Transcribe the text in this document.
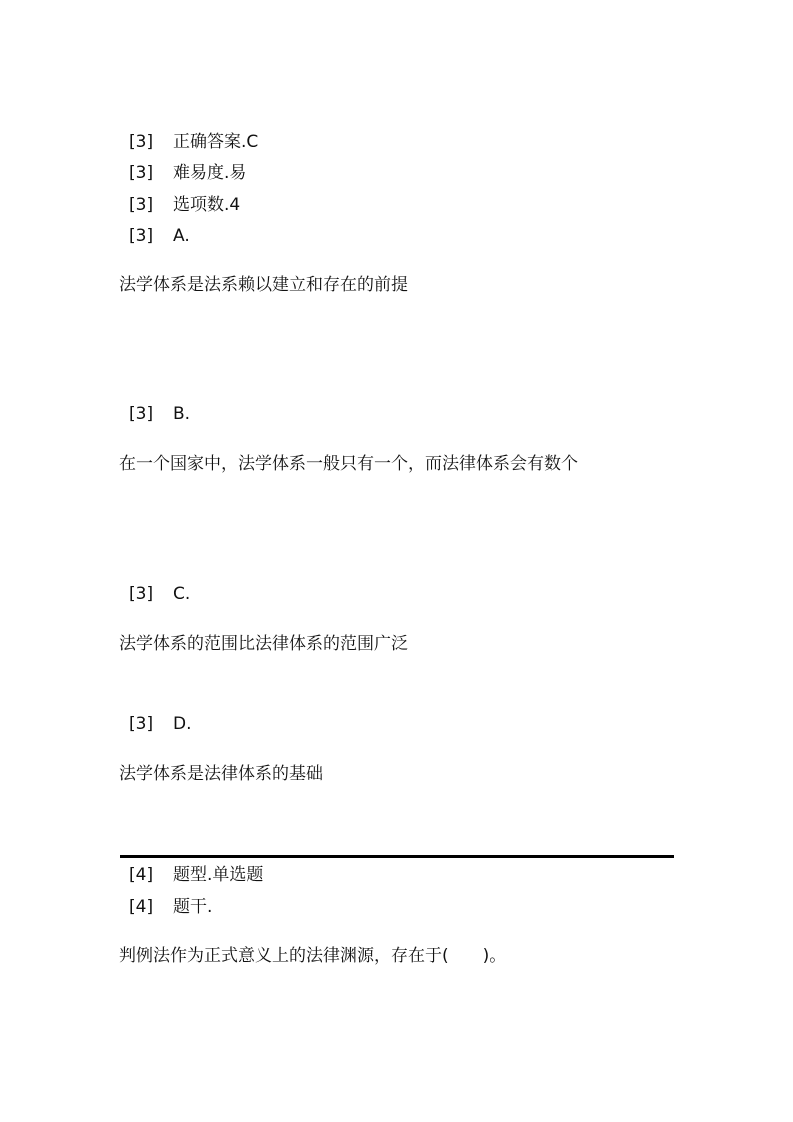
[3] 正确答案.C
[3] 难易度.易
[3] 选项数.4
[3] A.
法学体系是法系赖以建立和存在的前提
[3] B.
在一个国家中，法学体系一般只有一个，而法律体系会有数个
[3] C.
法学体系的范围比法律体系的范围广泛
[3] D.
法学体系是法律体系的基础
[4] 题型.单选题
[4] 题干.
判例法作为正式意义上的法律渊源，存在于(　　)。
